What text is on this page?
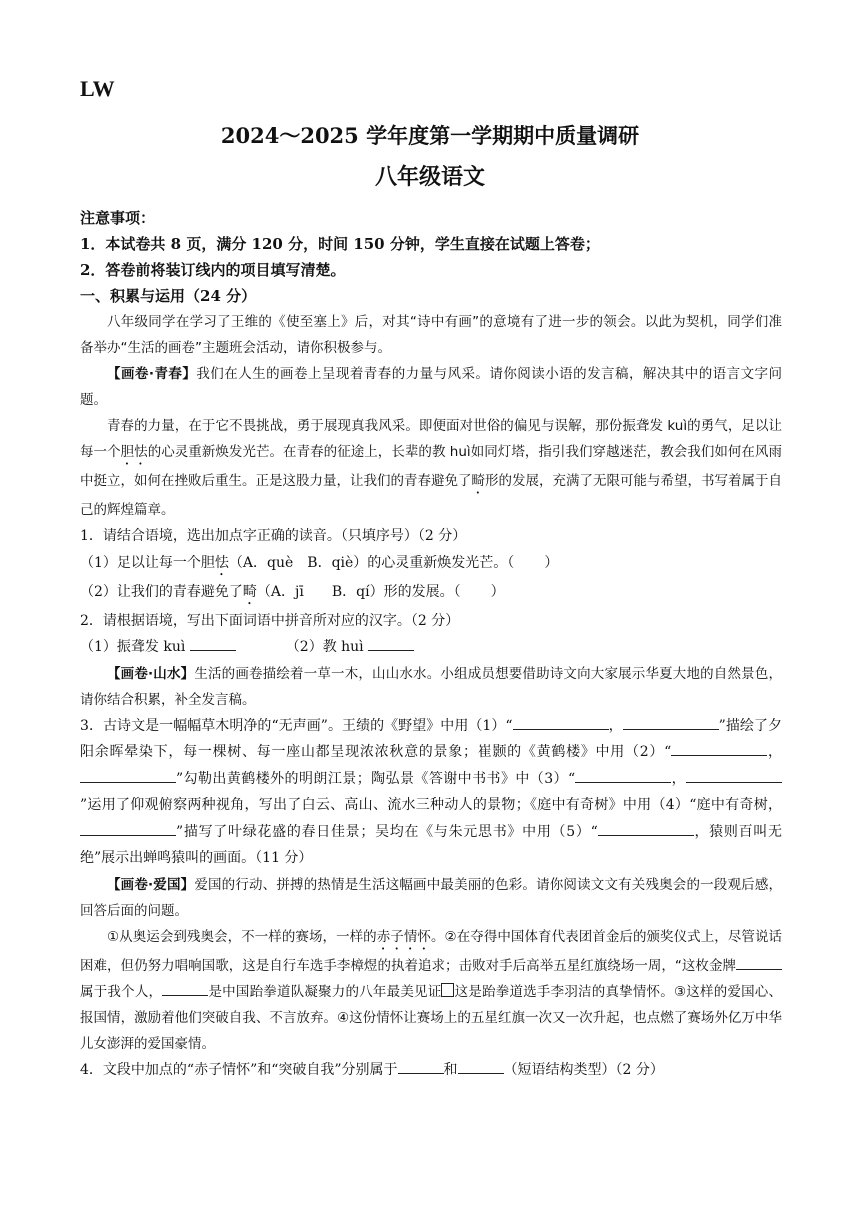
LW
2024～2025 学年度第一学期期中质量调研
八年级语文

注意事项：

1．本试卷共 8 页，满分 120 分，时间 150 分钟，学生直接在试题上答卷；

2．答卷前将装订线内的项目填写清楚。

一、积累与运用（24 分）

八年级同学在学习了王维的《使至塞上》后，对其“诗中有画”的意境有了进一步的领会。以此为契机，同学们准备举办“生活的画卷”主题班会活动，请你积极参与。

【画卷·青春】我们在人生的画卷上呈现着青春的力量与风采。请你阅读小语的发言稿，解决其中的语言文字问题。

青春的力量，在于它不畏挑战，勇于展现真我风采。即便面对世俗的偏见与误解，那份振聋发 kuì的勇气，足以让每一个胆怯的心灵重新焕发光芒。在青春的征途上，长辈的教 huì如同灯塔，指引我们穿越迷茫，教会我们如何在风雨中挺立，如何在挫败后重生。正是这股力量，让我们的青春避免了畸形的发展，充满了无限可能与希望，书写着属于自己的辉煌篇章。

1．请结合语境，选出加点字正确的读音。（只填序号）（2 分）

（1）足以让每一个胆怯（A．què　B．qiè）的心灵重新焕发光芒。（ ）

（2）让我们的青春避免了畸（A．jī　　B．qí）形的发展。（ ）

2．请根据语境，写出下面词语中拼音所对应的汉字。（2 分）

（1）振聋发 kuì	（2）教 huì

【画卷·山水】生活的画卷描绘着一草一木，山山水水。小组成员想要借助诗文向大家展示华夏大地的自然景色，请你结合积累，补全发言稿。

3．古诗文是一幅幅草木明净的“无声画”。王绩的《野望》中用（1）“	，	”描绘了夕阳余晖晕染下，每一棵树、每一座山都呈现浓浓秋意的景象；崔颢的《黄鹤楼》中用（2）“	，”勾勒出黄鹤楼外的明朗江景；陶弘景《答谢中书书》中（3）“	，”运用了仰观俯察两种视角，写出了白云、高山、流水三种动人的景物；《庭中有奇树》中用（4）“庭中有奇树，”描写了叶绿花盛的春日佳景；吴均在《与朱元思书》中用（5）“	，猿则百叫无绝”展示出蝉鸣猿叫的画面。（11 分）

【画卷·爱国】爱国的行动、拼搏的热情是生活这幅画中最美丽的色彩。请你阅读文文有关残奥会的一段观后感，回答后面的问题。

①从奥运会到残奥会，不一样的赛场，一样的赤子情怀。②在夺得中国体育代表团首金后的颁奖仪式上，尽管说话困难，但仍努力唱响国歌，这是自行车选手李樟煜的执着追求；击败对手后高举五星红旗绕场一周，“这枚金牌属于我个人，	是中国跆拳道队凝聚力的八年最美见证 这是跆拳道选手李羽洁的真挚情怀。③这样的爱国心、报国情，激励着他们突破自我、不言放弃。④这份情怀让赛场上的五星红旗一次又一次升起，也点燃了赛场外亿万中华儿女澎湃的爱国豪情。

4．文段中加点的“赤子情怀”和“突破自我”分别属于	和	（短语结构类型）（2 分）
